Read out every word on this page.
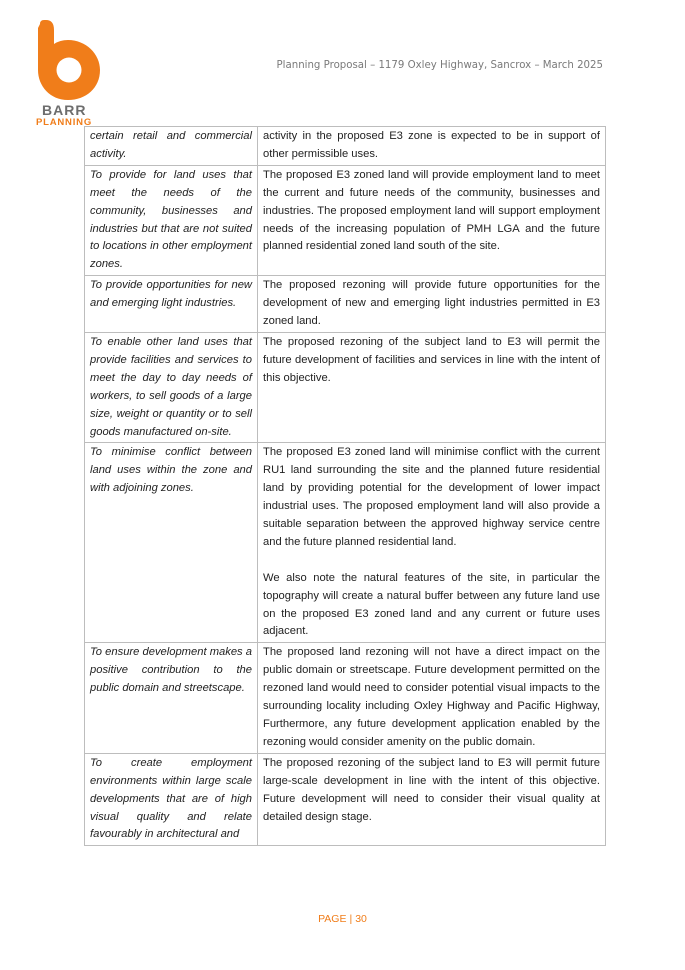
BARR
PLANNING
Planning Proposal – 1179 Oxley Highway, Sancrox – March 2025
certain retail and commercial activity.	activity in the proposed E3 zone is expected to be in support of other permissible uses.

To provide for land uses that meet the needs of the community, businesses and industries but that are not suited to locations in other employment zones.	The proposed E3 zoned land will provide employment land to meet the current and future needs of the community, businesses and industries. The proposed employment land will support employment needs of the increasing population of PMH LGA and the future planned residential zoned land south of the site.

To provide opportunities for new and emerging light industries.	The proposed rezoning will provide future opportunities for the development of new and emerging light industries permitted in E3 zoned land.

To enable other land uses that provide facilities and services to meet the day to day needs of workers, to sell goods of a large size, weight or quantity or to sell goods manufactured on-site.	The proposed rezoning of the subject land to E3 will permit the future development of facilities and services in line with the intent of this objective.

To minimise conflict between land uses within the zone and with adjoining zones.	The proposed E3 zoned land will minimise conflict with the current RU1 land surrounding the site and the planned future residential land by providing potential for the development of lower impact industrial uses. The proposed employment land will also provide a suitable separation between the approved highway service centre and the future planned residential land.

We also note the natural features of the site, in particular the topography will create a natural buffer between any future land use on the proposed E3 zoned land and any current or future uses adjacent.

To ensure development makes a positive contribution to the public domain and streetscape.	The proposed land rezoning will not have a direct impact on the public domain or streetscape. Future development permitted on the rezoned land would need to consider potential visual impacts to the surrounding locality including Oxley Highway and Pacific Highway, Furthermore, any future development application enabled by the rezoning would consider amenity on the public domain.

To create employment environments within large scale developments that are of high visual quality and relate favourably in architectural and	The proposed rezoning of the subject land to E3 will permit future large-scale development in line with the intent of this objective. Future development will need to consider their visual quality at detailed design stage.

PAGE | 30
